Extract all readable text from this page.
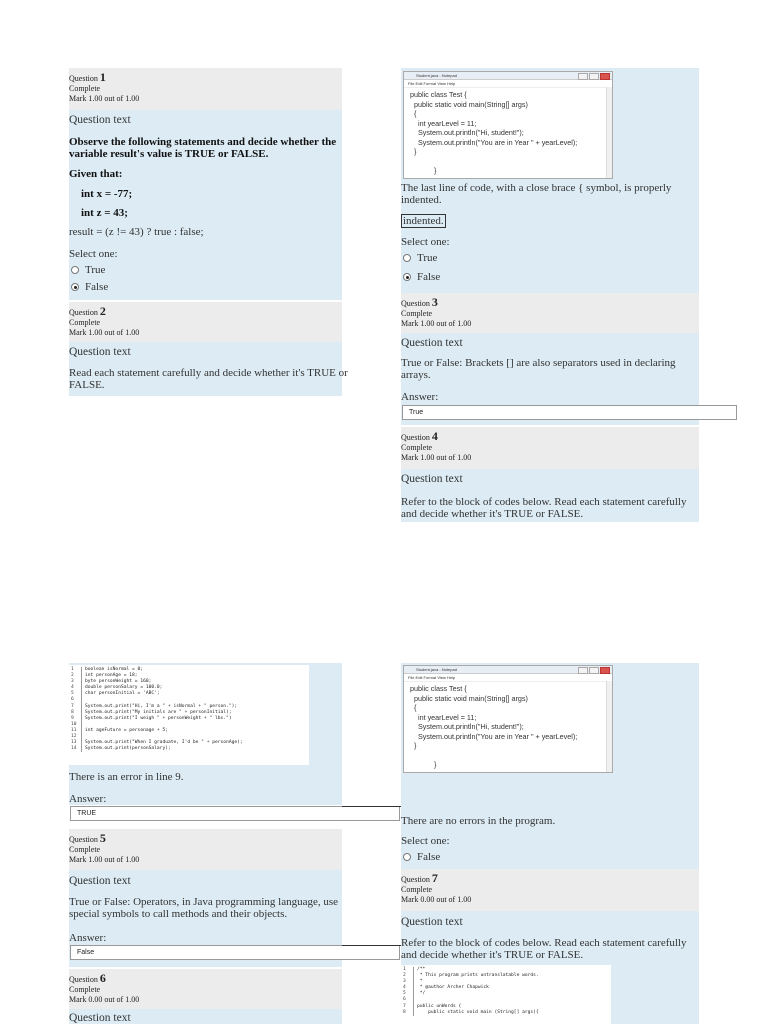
Question 1
Complete
Mark 1.00 out of 1.00
Question text
Observe the following statements and decide whether the variable result's value is TRUE or FALSE.
Given that:
int x = -77;
int z = 43;
result = (z != 43) ? true : false;
Select one:
True
False
Question 2
Complete
Mark 1.00 out of 1.00
Question text
Read each statement carefully and decide whether it's TRUE or FALSE.
Student.java - Notepad
File Edit Format View Help
public class Test {
public static void main(String[] args)
{
int yearLevel = 11;
System.out.println("Hi, student!");
System.out.println("You are in Year " + yearLevel);
}

}
The last line of code, with a close brace { symbol, is properly indented.
indented.
Select one:
True
False
Question 3
Complete
Mark 1.00 out of 1.00
Question text
True or False: Brackets [] are also separators used in declaring arrays.
Answer:
True
Question 4
Complete
Mark 1.00 out of 1.00
Question text
Refer to the block of codes below. Read each statement carefully and decide whether it's TRUE or FALSE.
1	boolean isNormal = 0;
2	int personAge = 18;
3	byte personWeight = 160;
4	double personSalary = 100.0;
5	char personInitial = 'ABC';
6

7	System.out.print("Hi, I'm a " + isNormal + " person.");
8	System.out.print("My initials are " + personInitial);
9	System.out.print("I weigh " + personWeight + " lbs.")
10

11	int ageFuture = personage + 5;
12

13	System.out.print("When I graduate, I'd be " + personAge);
14	System.out.print(personSalary);
There is an error in line 9.
Answer:
TRUE
Question 5
Complete
Mark 1.00 out of 1.00
Question text
True or False: Operators, in Java programming language, use special symbols to call methods and their objects.
Answer:
False
Question 6
Complete
Mark 0.00 out of 1.00
Question text
Student.java - Notepad
File Edit Format View Help
public class Test {
public static void main(String[] args)
{
int yearLevel = 11;
System.out.println("Hi, student!");
System.out.println("You are in Year " + yearLevel);
}

}
There are no errors in the program.
Select one:
False
Question 7
Complete
Mark 0.00 out of 1.00
Question text
Refer to the block of codes below. Read each statement carefully and decide whether it's TRUE or FALSE.
1	/**
2	* This program prints untranslatable words.
3	*
4	* @author Archer Chapwick
5	*/
6

7	public unWords {
8	public static void main (String[] args){
